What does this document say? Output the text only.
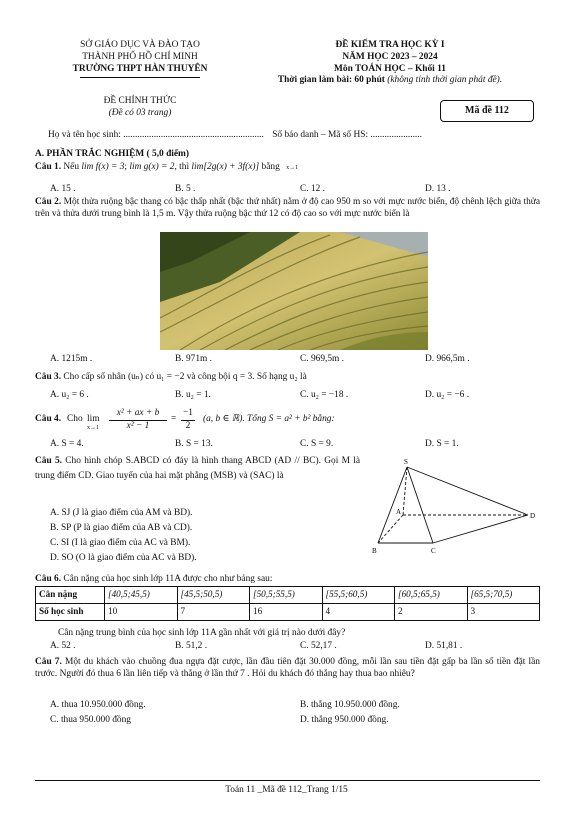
SỞ GIÁO DỤC VÀ ĐÀO TẠO
THÀNH PHỐ HỒ CHÍ MINH
TRƯỜNG THPT HÀN THUYÊN
ĐỀ KIỂM TRA HỌC KỲ I
NĂM HỌC 2023 – 2024
Môn TOÁN HỌC – Khối 11
Thời gian làm bài: 60 phút (không tính thời gian phát đề).
ĐỀ CHÍNH THỨC
(Đề có 03 trang)	Mã đề 112
Họ và tên học sinh: ............................................................ Số báo danh – Mã số HS: ......................
A. PHẦN TRẮC NGHIỆM ( 5,0 điểm)
Câu 1. Nếu lim f(x) = 3; lim g(x) = 2, thì lim[2g(x) + 3f(x)] bằng x→1
A. 15 .	B. 5 .	C. 12 .	D. 13 .
Câu 2. Một thửa ruộng bậc thang có bậc thấp nhất (bậc thứ nhất) nằm ở độ cao 950 m so với mực nước biển, độ chênh lệch giữa thửa trên và thửa dưới trung bình là 1,5 m. Vậy thửa ruộng bậc thứ 12 có độ cao so với mực nước biển là
A. 1215m .	B. 971m .	C. 969,5m .	D. 966,5m .
Câu 3. Cho cấp số nhân (uₙ) có u₁ = −2 và công bội q = 3. Số hạng u₂ là
A. u₂ = 6 .	B. u₂ = 1.	C. u₂ = −18 .	D. u₂ = −6 .
Câu 4. Cho lim
x→1
x² + ax + b
x² − 1
=
−1
2
(a, b ∈ ℝ). Tổng S = a² + b² bằng:
A. S = 4.	B. S = 13.	C. S = 9.	D. S = 1.
Câu 5. Cho hình chóp S.ABCD có đáy là hình thang ABCD (AD // BC). Gọi M là trung điểm CD. Giao tuyến của hai mặt phẳng (MSB) và (SAC) là
A. SJ (J là giao điểm của AM và BD).
B. SP (P là giao điểm của AB và CD).
C. SI (I là giao điểm của AC và BM).
D. SO (O là giao điểm của AC và BD).
S
A	D
B	C
Câu 6. Cân nặng của học sinh lớp 11A được cho như bảng sau:
Cân nặng	[40,5;45,5)	[45,5;50,5)	[50,5;55,5)	[55,5;60,5)	[60,5;65,5)	[65,5;70,5)
Số học sinh	10	7	16	4	2	3
Cân nặng trung bình của học sinh lớp 11A gần nhất với giá trị nào dưới đây?
A. 52 .	B. 51,2 .	C. 52,17 .	D. 51,81 .
Câu 7. Một du khách vào chuồng đua ngựa đặt cược, lần đầu tiên đặt 30.000 đồng, mỗi lần sau tiền đặt gấp ba lần số tiền đặt lần trước. Người đó thua 6 lần liên tiếp và thắng ở lần thứ 7 . Hỏi du khách đó thắng hay thua bao nhiêu?
A. thua 10.950.000 đồng.	B. thắng 10.950.000 đồng.
C. thua 950.000 đồng	D. thắng 950.000 đồng.
Toán 11 _Mã đề 112_Trang 1/15
